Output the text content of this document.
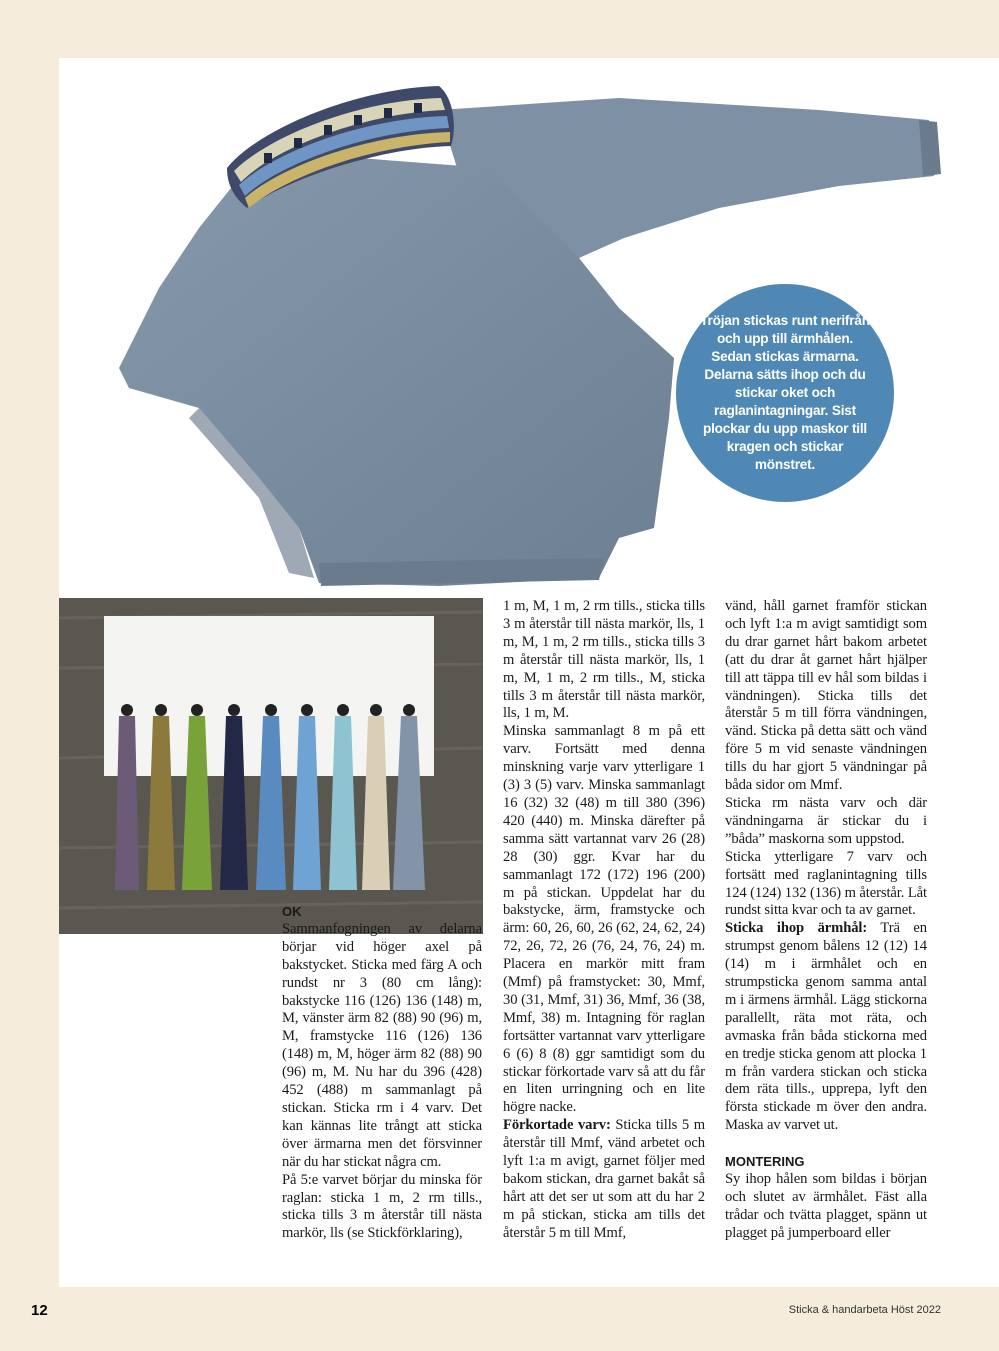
Tröjan stickas runt nerifrån och upp till ärmhålen. Sedan stickas ärmarna. Delarna sätts ihop och du stickar oket och raglanintagningar. Sist plockar du upp maskor till kragen och stickar mönstret.

OK

Sammanfogningen av delarna börjar vid höger axel på bakstycket. Sticka med färg A och rundst nr 3 (80 cm lång): bakstycke 116 (126) 136 (148) m, M, vänster ärm 82 (88) 90 (96) m, M, framstycke 116 (126) 136 (148) m, M, höger ärm 82 (88) 90 (96) m, M. Nu har du 396 (428) 452 (488) m sammanlagt på stickan. Sticka rm i 4 varv. Det kan kännas lite trångt att sticka över ärmarna men det försvinner när du har stickat några cm.

På 5:e varvet börjar du minska för raglan: sticka 1 m, 2 rm tills., sticka tills 3 m återstår till nästa markör, lls (se Stickförklaring),

1 m, M, 1 m, 2 rm tills., sticka tills 3 m återstår till nästa markör, lls, 1 m, M, 1 m, 2 rm tills., sticka tills 3 m återstår till nästa markör, lls, 1 m, M, 1 m, 2 rm tills., M, sticka tills 3 m återstår till nästa markör, lls, 1 m, M.

Minska sammanlagt 8 m på ett varv. Fortsätt med denna minskning varje varv ytterligare 1 (3) 3 (5) varv. Minska sammanlagt 16 (32) 32 (48) m till 380 (396) 420 (440) m. Minska därefter på samma sätt vartannat varv 26 (28) 28 (30) ggr. Kvar har du sammanlagt 172 (172) 196 (200) m på stickan. Uppdelat har du bakstycke, ärm, framstycke och ärm: 60, 26, 60, 26 (62, 24, 62, 24) 72, 26, 72, 26 (76, 24, 76, 24) m. Placera en markör mitt fram (Mmf) på framstycket: 30, Mmf, 30 (31, Mmf, 31) 36, Mmf, 36 (38, Mmf, 38) m. Intagning för raglan fortsätter vartannat varv ytterligare 6 (6) 8 (8) ggr samtidigt som du stickar förkortade varv så att du får en liten urringning och en lite högre nacke.

Förkortade varv: Sticka tills 5 m återstår till Mmf, vänd arbetet och lyft 1:a m avigt, garnet följer med bakom stickan, dra garnet bakåt så hårt att det ser ut som att du har 2 m på stickan, sticka am tills det återstår 5 m till Mmf,

vänd, håll garnet framför stickan och lyft 1:a m avigt samtidigt som du drar garnet hårt bakom arbetet (att du drar åt garnet hårt hjälper till att täppa till ev hål som bildas i vändningen). Sticka tills det återstår 5 m till förra vändningen, vänd. Sticka på detta sätt och vänd före 5 m vid senaste vändningen tills du har gjort 5 vändningar på båda sidor om Mmf.

Sticka rm nästa varv och där vändningarna är stickar du i ”båda” maskorna som uppstod.

Sticka ytterligare 7 varv och fortsätt med raglanintagning tills 124 (124) 132 (136) m återstår. Låt rundst sitta kvar och ta av garnet.

Sticka ihop ärmhål: Trä en strumpst genom bålens 12 (12) 14 (14) m i ärmhålet och en strumpsticka genom samma antal m i ärmens ärmhål. Lägg stickorna parallellt, räta mot räta, och avmaska från båda stickorna med en tredje sticka genom att plocka 1 m från vardera stickan och sticka dem räta tills., upprepa, lyft den första stickade m över den andra. Maska av varvet ut.

MONTERING

Sy ihop hålen som bildas i början och slutet av ärmhålet. Fäst alla trådar och tvätta plagget, spänn ut plagget på jumperboard eller

12	Sticka & handarbeta Höst 2022
